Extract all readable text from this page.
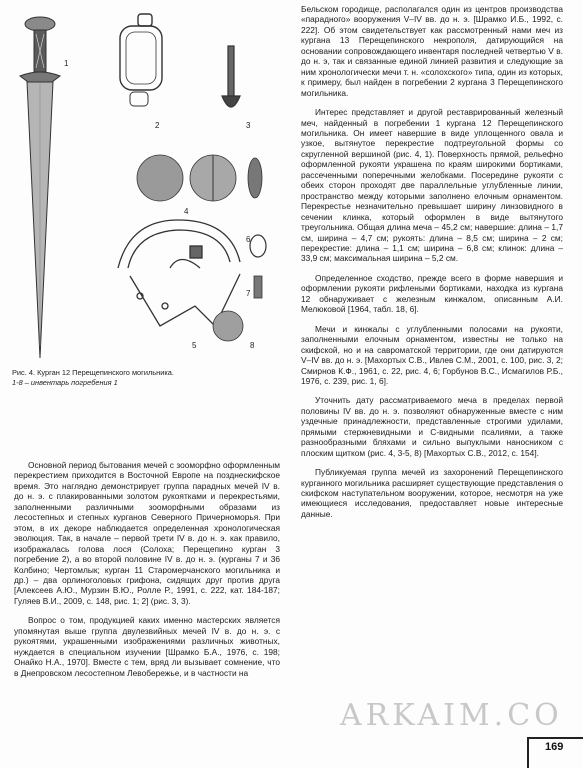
1
2	3
4
5
6
7
8
Рис. 4. Курган 12 Перещепинского могильника.
1-8 – инвентарь погребения 1

Основной период бытования мечей с зооморфно оформленным перекрестием приходится в Восточной Европе на позднескифское время. Это наглядно демонстрирует группа парадных мечей IV в. до н. э. с плакированными золотом рукоятками и перекрестьями, заполненными различными зооморфными образами из лесостепных и степных курганов Северного Причерноморья. При этом, в их декоре наблюдается определенная хронологическая эволюция. Так, в начале – первой трети IV в. до н. э. как правило, изображалась голова лося (Солоха; Перещепино курган 3 погребение 2), а во второй половине IV в. до н. э. (курганы 7 и 36 Колбино; Чертомлык; курган 11 Старомерчанского могильника и др.) – два орлиноголовых грифона, сидящих друг против друга [Алексеев А.Ю., Мурзин В.Ю., Ролле Р., 1991, с. 222, кат. 184-187; Гуляев В.И., 2009, с. 148, рис. 1; 2] (рис. 3, 3).

Вопрос о том, продукцией каких именно мастерских является упомянутая выше группа двулезвийных мечей IV в. до н. э. с рукоятями, украшенными изображениями различных животных, нуждается в специальном изучении [Шрамко Б.А., 1976, с. 198; Онайко Н.А., 1970]. Вместе с тем, вряд ли вызывает сомнение, что в Днепровском лесостепном Левобережье, и в частности на

Бельском городище, располагался один из центров производства «парадного» вооружения V–IV вв. до н. э. [Шрамко И.Б., 1992, с. 222]. Об этом свидетельствует как рассмотренный нами меч из кургана 13 Перещепинского некрополя, датирующийся на основании сопровождающего инвентаря последней четвертью V в. до н. э, так и связанные единой линией развития и следующие за ним хронологически мечи т. н. «солохского» типа, один из которых, к примеру, был найден в погребении 2 кургана 3 Перещепинского могильника.

Интерес представляет и другой реставрированный железный меч, найденный в погребении 1 кургана 12 Перещепинского могильника. Он имеет навершие в виде уплощенного овала и узкое, вытянутое перекрестие подтреугольной формы со скругленной вершиной (рис. 4, 1). Поверхность прямой, рельефно оформленной рукояти украшена по краям широкими бортиками, рассеченными поперечными желобками. Посередине рукояти с обеих сторон проходят две параллельные углубленные линии, пространство между которыми заполнено елочным орнаментом. Перекрестье незначительно превышает ширину линзовидного в сечении клинка, который оформлен в виде вытянутого треугольника. Общая длина меча – 45,2 см; навершие: длина – 1,7 см, ширина – 4,7 см; рукоять: длина – 8,5 см; ширина – 2 см; перекрестие: длина – 1,1 см; ширина – 6,8 см; клинок: длина – 33,9 см; максимальная ширина – 5,2 см.

Определенное сходство, прежде всего в форме навершия и оформлении рукояти рифлеными бортиками, находка из кургана 12 обнаруживает с железным кинжалом, описанным А.И. Мелюковой [1964, табл. 18, 6].

Мечи и кинжалы с углубленными полосами на рукояти, заполненными елочным орнаментом, известны не только на скифской, но и на савроматской территории, где они датируются V–IV вв. до н. э. [Махортых С.В., Ивлев С.М., 2001, с. 100, рис. 3, 2; Смирнов К.Ф., 1961, с. 22, рис. 4, 6; Горбунов В.С., Исмагилов Р.Б., 1976, с. 239, рис. 1, 6].

Уточнить дату рассматриваемого меча в пределах первой половины IV вв. до н. э. позволяют обнаруженные вместе с ним уздечные принадлежности, представленные строгими удилами, прямыми стержневидными и С-видными псалиями, а также разнообразными бляхами и сильно выпуклыми наносником с плоским щитком (рис. 4, 3-5, 8) [Махортых С.В., 2012, с. 154].

Публикуемая группа мечей из захоронений Перещепинского курганного могильника расширяет существующие представления о скифском наступательном вооружении, которое, несмотря на уже имеющиеся исследования, предоставляет новые интересные данные.

ARKAIM.CO
169
